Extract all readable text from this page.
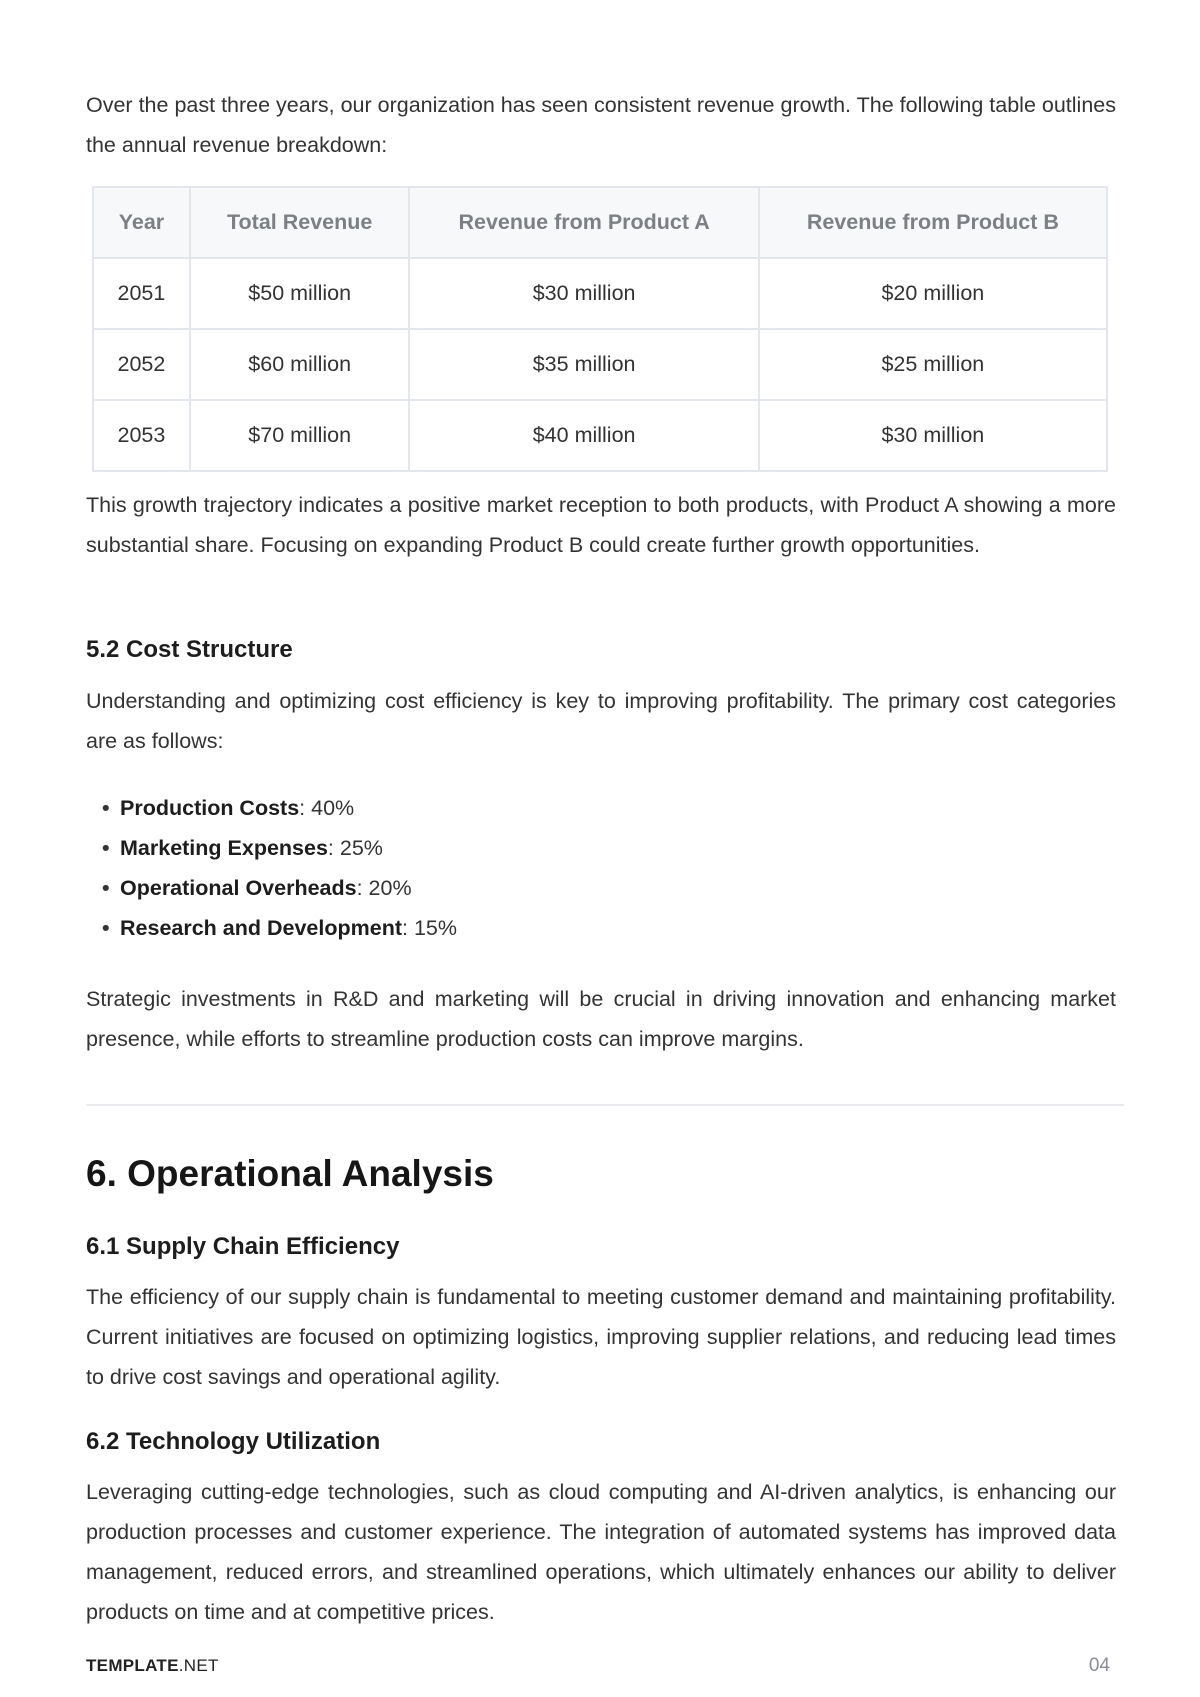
Over the past three years, our organization has seen consistent revenue growth. The following table outlines the annual revenue breakdown:

Year	Total Revenue	Revenue from Product A	Revenue from Product B
2051	$50 million	$30 million	$20 million
2052	$60 million	$35 million	$25 million
2053	$70 million	$40 million	$30 million

This growth trajectory indicates a positive market reception to both products, with Product A showing a more substantial share. Focusing on expanding Product B could create further growth opportunities.

5.2 Cost Structure

Understanding and optimizing cost efficiency is key to improving profitability. The primary cost categories are as follows:

• Production Costs: 40%
• Marketing Expenses: 25%
• Operational Overheads: 20%
• Research and Development: 15%

Strategic investments in R&D and marketing will be crucial in driving innovation and enhancing market presence, while efforts to streamline production costs can improve margins.

6. Operational Analysis
6.1 Supply Chain Efficiency

The efficiency of our supply chain is fundamental to meeting customer demand and maintaining profitability. Current initiatives are focused on optimizing logistics, improving supplier relations, and reducing lead times to drive cost savings and operational agility.

6.2 Technology Utilization

Leveraging cutting-edge technologies, such as cloud computing and AI-driven analytics, is enhancing our production processes and customer experience. The integration of automated systems has improved data management, reduced errors, and streamlined operations, which ultimately enhances our ability to deliver products on time and at competitive prices.

TEMPLATE.NET	04
